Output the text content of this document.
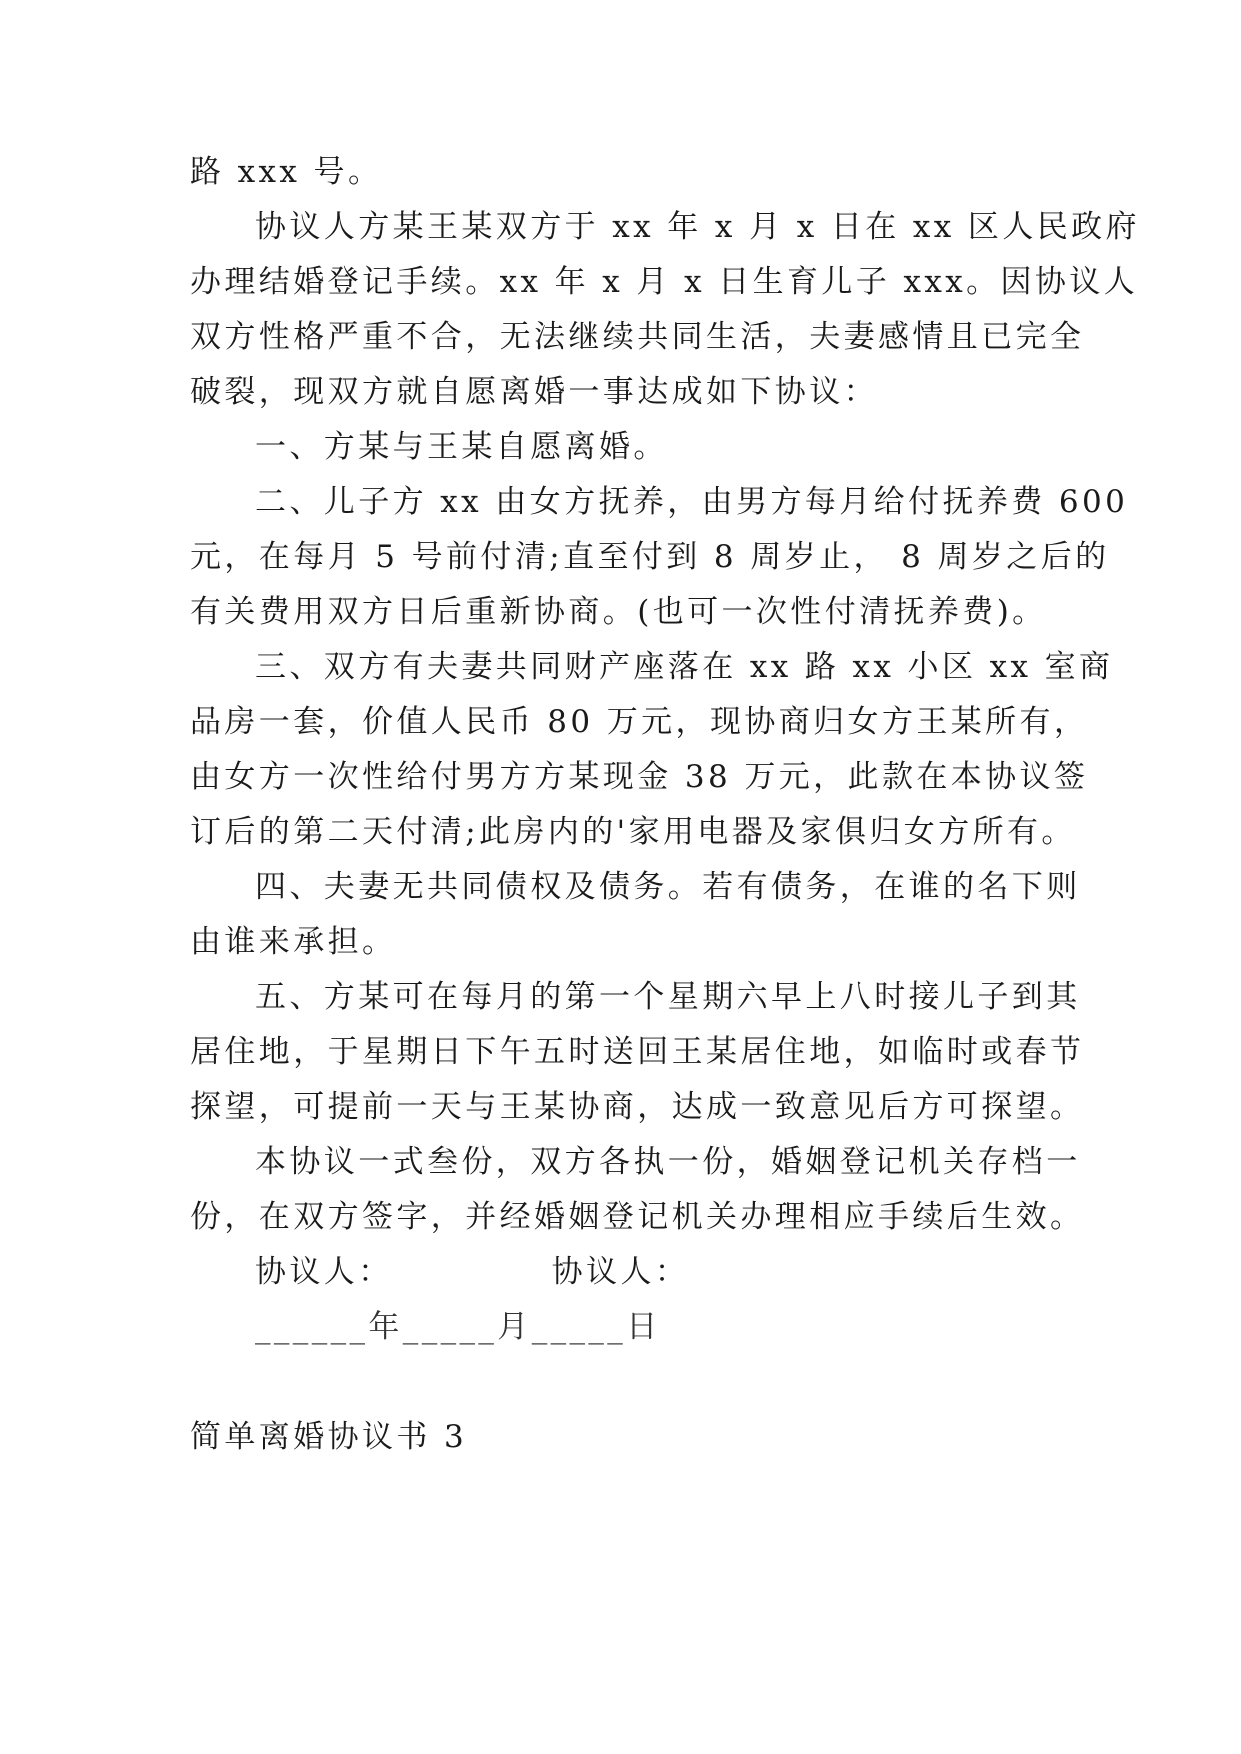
路 xxx 号。

协议人方某王某双方于 xx 年 x 月 x 日在 xx 区人民政府

办理结婚登记手续。xx 年 x 月 x 日生育儿子 xxx。因协议人

双方性格严重不合，无法继续共同生活，夫妻感情且已完全

破裂，现双方就自愿离婚一事达成如下协议：

一、方某与王某自愿离婚。

二、儿子方 xx 由女方抚养，由男方每月给付抚养费 600

元，在每月 5 号前付清;直至付到 8 周岁止， 8 周岁之后的

有关费用双方日后重新协商。(也可一次性付清抚养费)。

三、双方有夫妻共同财产座落在 xx 路 xx 小区 xx 室商

品房一套，价值人民币 80 万元，现协商归女方王某所有，

由女方一次性给付男方方某现金 38 万元，此款在本协议签

订后的第二天付清;此房内的'家用电器及家俱归女方所有。

四、夫妻无共同债权及债务。若有债务，在谁的名下则

由谁来承担。

五、方某可在每月的第一个星期六早上八时接儿子到其

居住地，于星期日下午五时送回王某居住地，如临时或春节

探望，可提前一天与王某协商，达成一致意见后方可探望。

本协议一式叁份，双方各执一份，婚姻登记机关存档一

份，在双方签字，并经婚姻登记机关办理相应手续后生效。

协议人：            协议人：

______年_____月_____日

简单离婚协议书 3
